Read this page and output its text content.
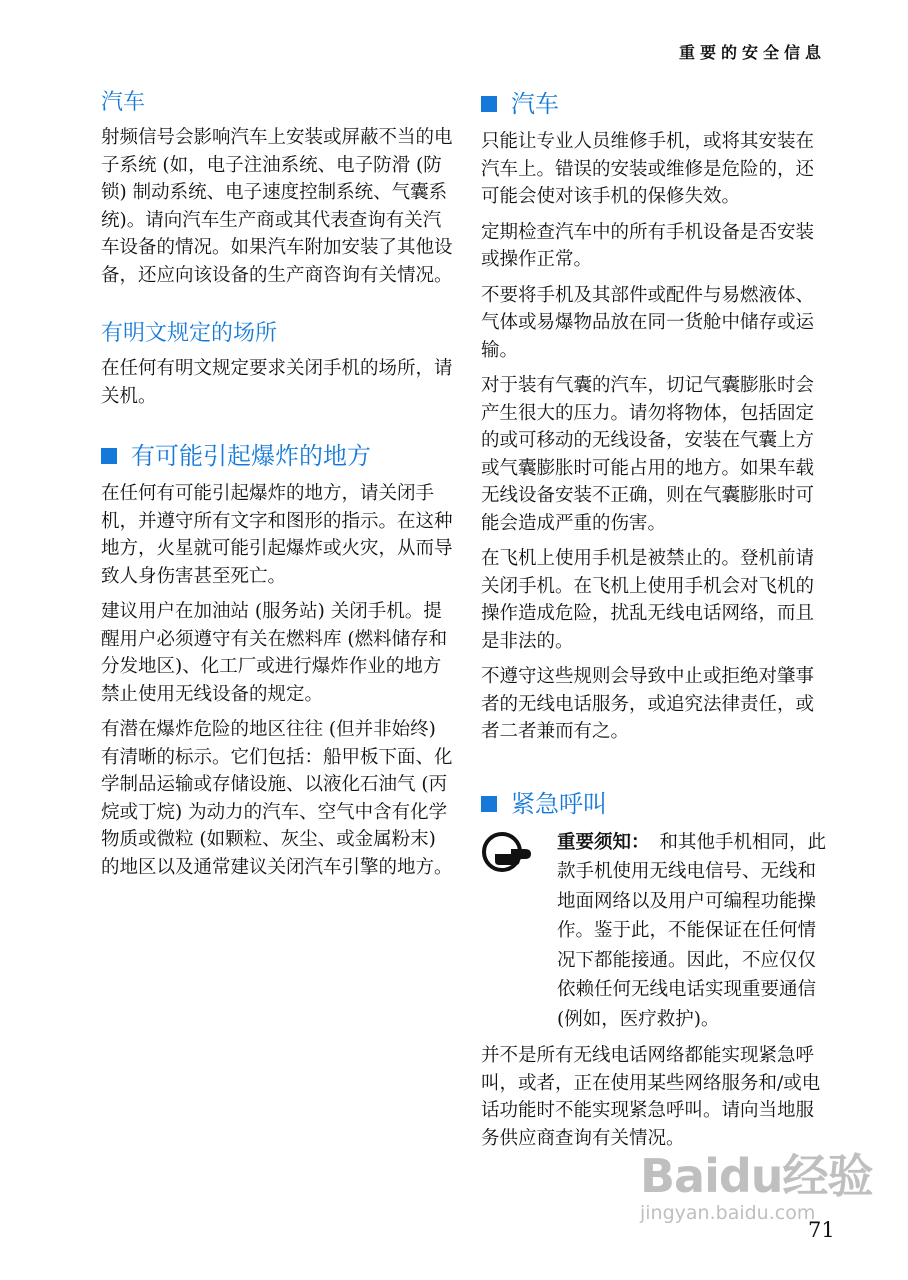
重要的安全信息
汽车

射频信号会影响汽车上安装或屏蔽不当的电子系统 (如，电子注油系统、电子防滑 (防锁) 制动系统、电子速度控制系统、气囊系统)。请向汽车生产商或其代表查询有关汽车设备的情况。如果汽车附加安装了其他设备，还应向该设备的生产商咨询有关情况。

有明文规定的场所

在任何有明文规定要求关闭手机的场所，请关机。

有可能引起爆炸的地方

在任何有可能引起爆炸的地方，请关闭手机，并遵守所有文字和图形的指示。在这种地方，火星就可能引起爆炸或火灾，从而导致人身伤害甚至死亡。

建议用户在加油站 (服务站) 关闭手机。提醒用户必须遵守有关在燃料库 (燃料储存和分发地区)、化工厂或进行爆炸作业的地方禁止使用无线设备的规定。

有潜在爆炸危险的地区往往 (但并非始终) 有清晰的标示。它们包括：船甲板下面、化学制品运输或存储设施、以液化石油气 (丙烷或丁烷) 为动力的汽车、空气中含有化学物质或微粒 (如颗粒、灰尘、或金属粉末) 的地区以及通常建议关闭汽车引擎的地方。

汽车

只能让专业人员维修手机，或将其安装在汽车上。错误的安装或维修是危险的，还可能会使对该手机的保修失效。

定期检查汽车中的所有手机设备是否安装或操作正常。

不要将手机及其部件或配件与易燃液体、气体或易爆物品放在同一货舱中储存或运输。

对于装有气囊的汽车，切记气囊膨胀时会产生很大的压力。请勿将物体，包括固定的或可移动的无线设备，安装在气囊上方或气囊膨胀时可能占用的地方。如果车载无线设备安装不正确，则在气囊膨胀时可能会造成严重的伤害。

在飞机上使用手机是被禁止的。登机前请关闭手机。在飞机上使用手机会对飞机的操作造成危险，扰乱无线电话网络，而且是非法的。

不遵守这些规则会导致中止或拒绝对肇事者的无线电话服务，或追究法律责任，或者二者兼而有之。

紧急呼叫
重要须知： 和其他手机相同，此款手机使用无线电信号、无线和地面网络以及用户可编程功能操作。鉴于此，不能保证在任何情况下都能接通。因此，不应仅仅依赖任何无线电话实现重要通信 (例如，医疗救护)。

并不是所有无线电话网络都能实现紧急呼叫，或者，正在使用某些网络服务和/或电话功能时不能实现紧急呼叫。请向当地服务供应商查询有关情况。

Baidu经验
jingyan.baidu.com
71
